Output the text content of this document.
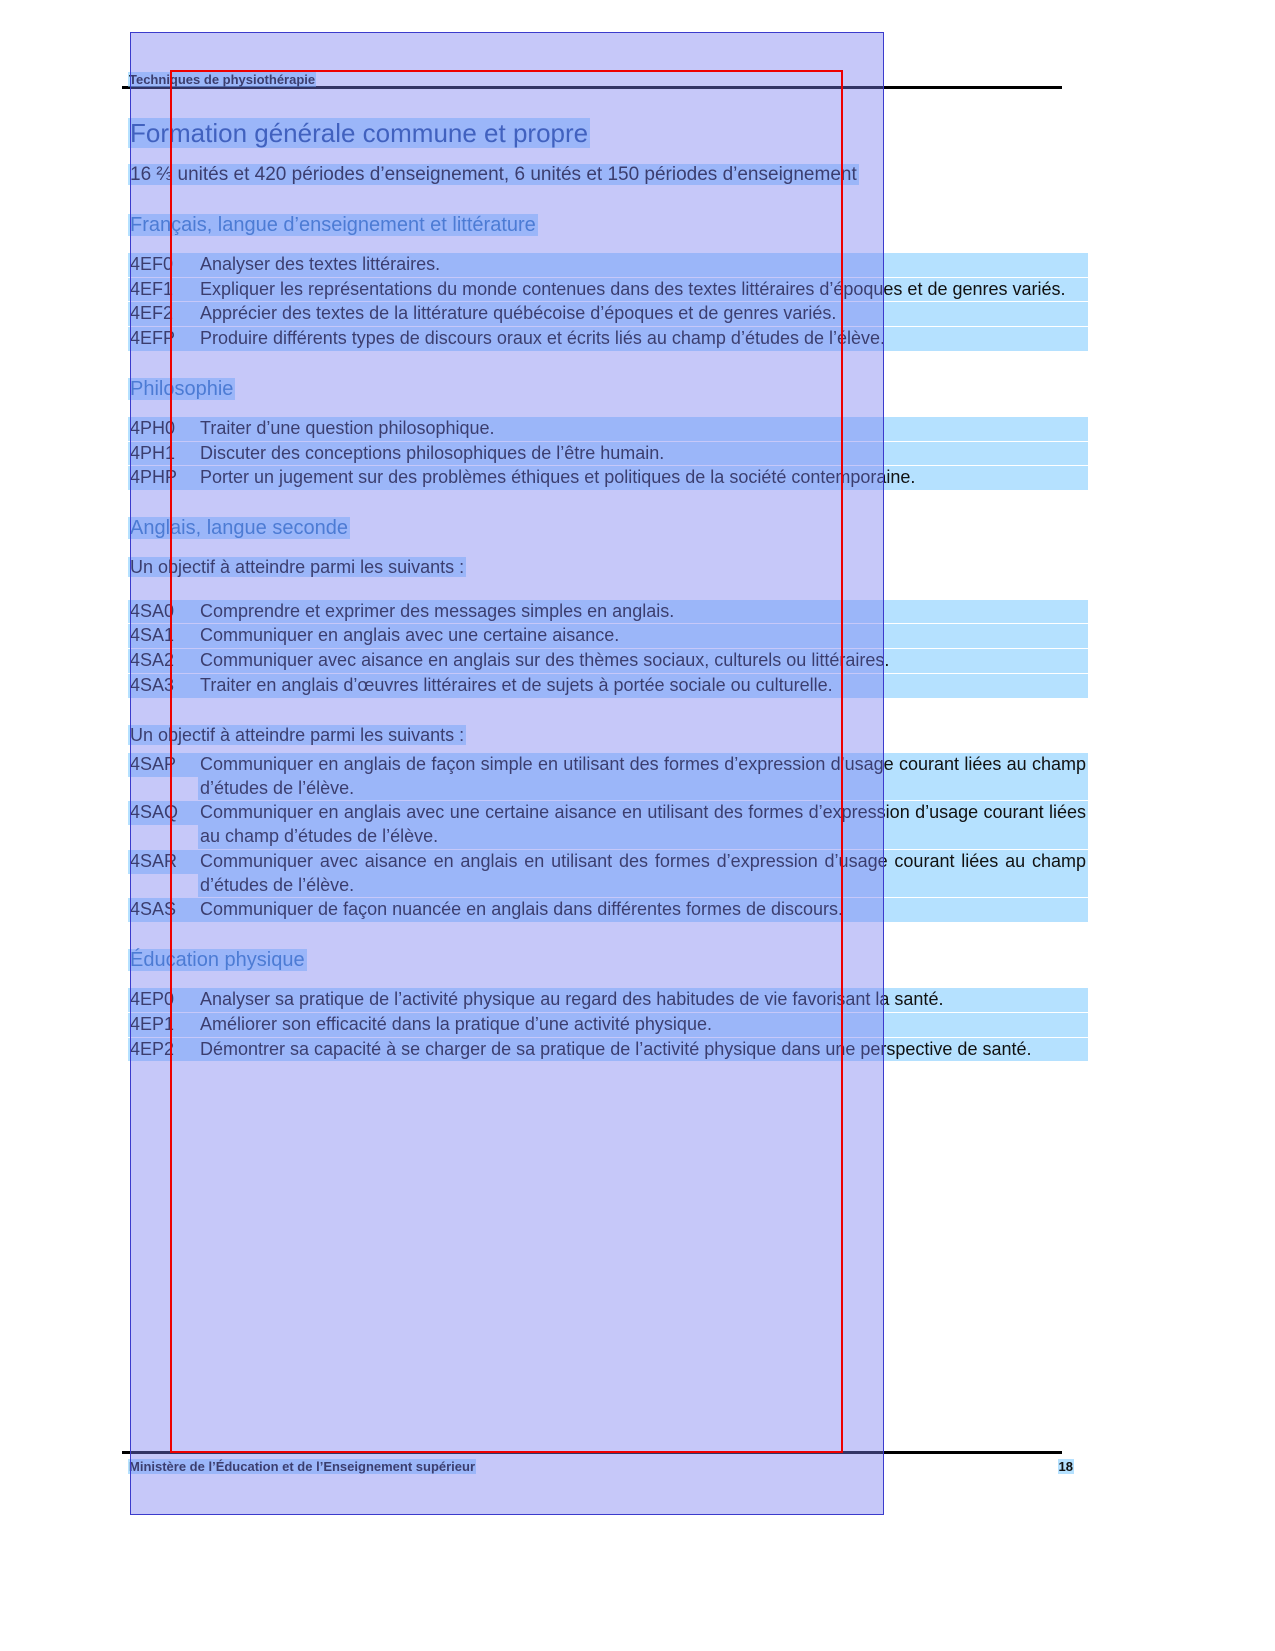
Techniques de physiothérapie
Formation générale commune et propre

16 ⅔ unités et 420 périodes d’enseignement, 6 unités et 150 périodes d’enseignement

Français, langue d’enseignement et littérature
4EF0	Analyser des textes littéraires.
4EF1	Expliquer les représentations du monde contenues dans des textes littéraires d’époques et de genres variés.
4EF2	Apprécier des textes de la littérature québécoise d’époques et de genres variés.
4EFP	Produire différents types de discours oraux et écrits liés au champ d’études de l’élève.
Philosophie
4PH0	Traiter d’une question philosophique.
4PH1	Discuter des conceptions philosophiques de l’être humain.
4PHP	Porter un jugement sur des problèmes éthiques et politiques de la société contemporaine.
Anglais, langue seconde

Un objectif à atteindre parmi les suivants :

4SA0	Comprendre et exprimer des messages simples en anglais.
4SA1	Communiquer en anglais avec une certaine aisance.
4SA2	Communiquer avec aisance en anglais sur des thèmes sociaux, culturels ou littéraires.
4SA3	Traiter en anglais d’œuvres littéraires et de sujets à portée sociale ou culturelle.

Un objectif à atteindre parmi les suivants :

4SAP	Communiquer en anglais de façon simple en utilisant des formes d’expression d’usage courant liées au champ d’études de l’élève.
4SAQ	Communiquer en anglais avec une certaine aisance en utilisant des formes d’expression d’usage courant liées au champ d’études de l’élève.
4SAR	Communiquer avec aisance en anglais en utilisant des formes d’expression d’usage courant liées au champ d’études de l’élève.
4SAS	Communiquer de façon nuancée en anglais dans différentes formes de discours.
Éducation physique
4EP0	Analyser sa pratique de l’activité physique au regard des habitudes de vie favorisant la santé.
4EP1	Améliorer son efficacité dans la pratique d’une activité physique.
4EP2	Démontrer sa capacité à se charger de sa pratique de l’activité physique dans une perspective de santé.
Ministère de l’Éducation et de l’Enseignement supérieur	18
